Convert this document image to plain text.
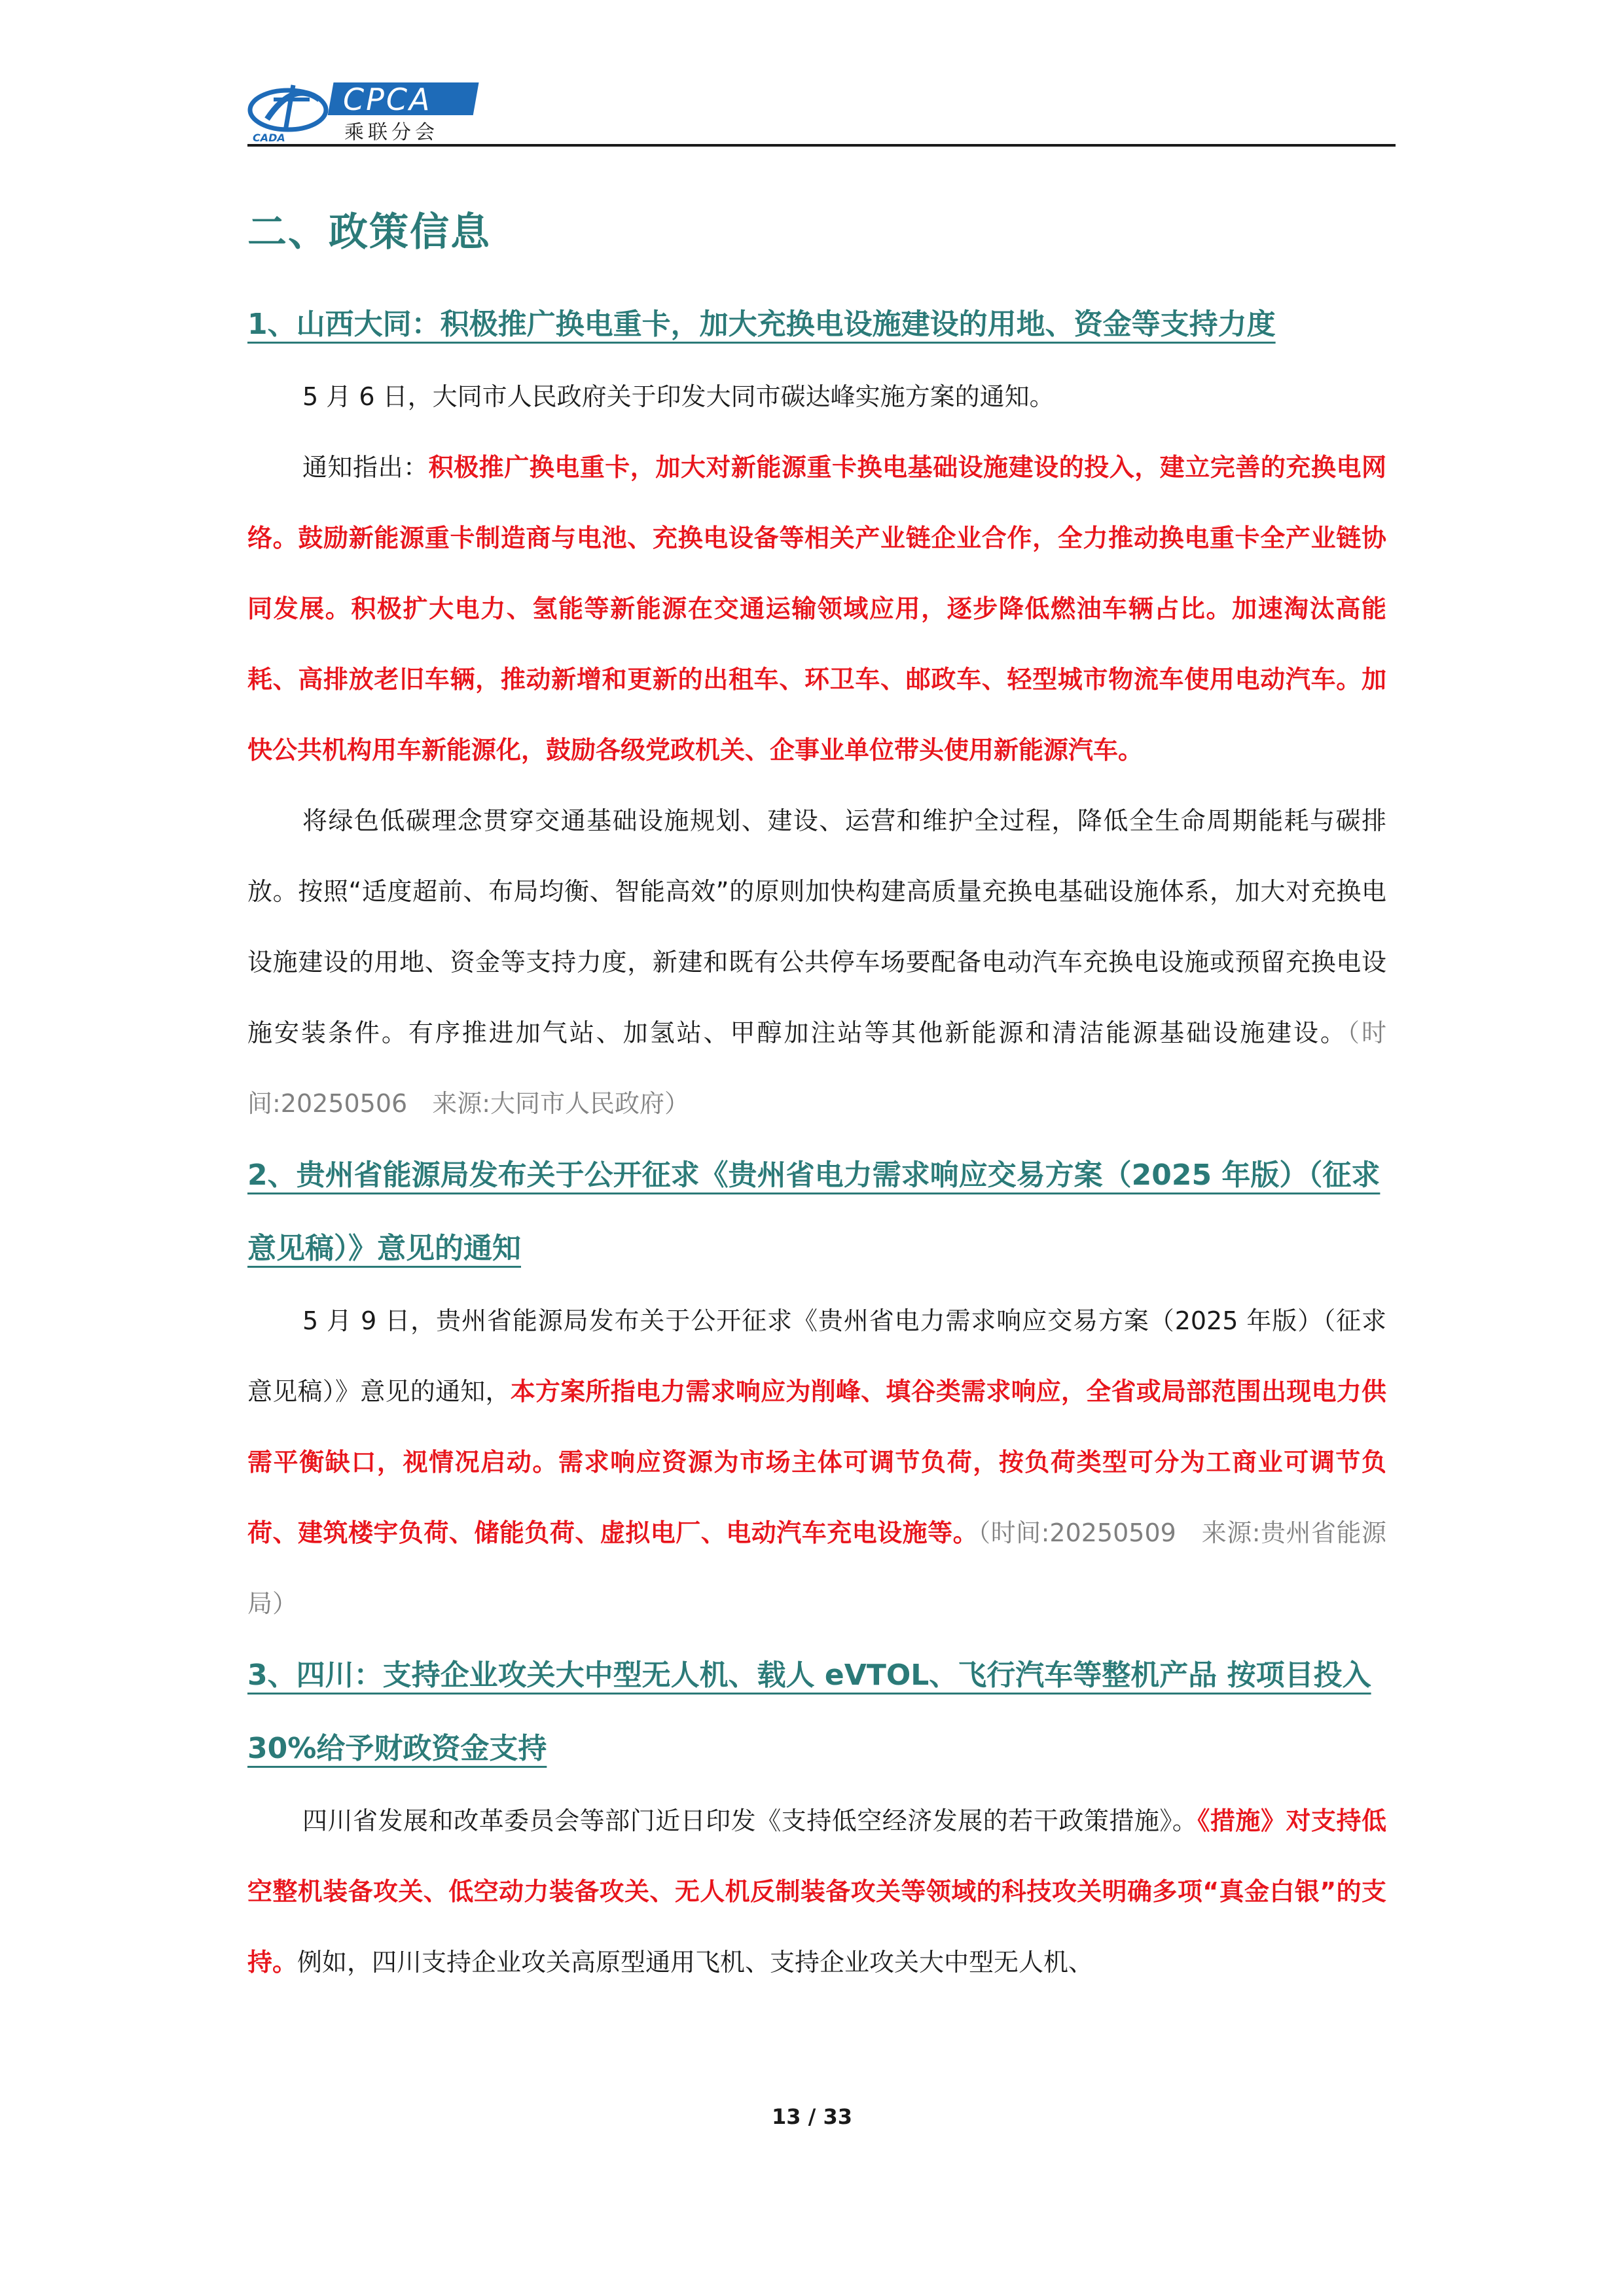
CADA
CPCA
乘联分会
二、政策信息
1、山西大同：积极推广换电重卡，加大充换电设施建设的用地、资金等支持力度

5 月 6 日，大同市人民政府关于印发大同市碳达峰实施方案的通知。

通知指出：积极推广换电重卡，加大对新能源重卡换电基础设施建设的投入，建立完善的充换电网络。鼓励新能源重卡制造商与电池、充换电设备等相关产业链企业合作，全力推动换电重卡全产业链协同发展。积极扩大电力、氢能等新能源在交通运输领域应用，逐步降低燃油车辆占比。加速淘汰高能耗、高排放老旧车辆，推动新增和更新的出租车、环卫车、邮政车、轻型城市物流车使用电动汽车。加快公共机构用车新能源化，鼓励各级党政机关、企事业单位带头使用新能源汽车。

将绿色低碳理念贯穿交通基础设施规划、建设、运营和维护全过程，降低全生命周期能耗与碳排放。按照“适度超前、布局均衡、智能高效”的原则加快构建高质量充换电基础设施体系，加大对充换电设施建设的用地、资金等支持力度，新建和既有公共停车场要配备电动汽车充换电设施或预留充换电设施安装条件。有序推进加气站、加氢站、甲醇加注站等其他新能源和清洁能源基础设施建设。（时间:20250506　来源:大同市人民政府）

2、贵州省能源局发布关于公开征求《贵州省电力需求响应交易方案（2025 年版）（征求意见稿）》意见的通知

5 月 9 日，贵州省能源局发布关于公开征求《贵州省电力需求响应交易方案（2025 年版）（征求意见稿）》意见的通知，本方案所指电力需求响应为削峰、填谷类需求响应，全省或局部范围出现电力供需平衡缺口，视情况启动。需求响应资源为市场主体可调节负荷，按负荷类型可分为工商业可调节负荷、建筑楼宇负荷、储能负荷、虚拟电厂、电动汽车充电设施等。（时间:20250509　来源:贵州省能源局）

3、四川：支持企业攻关大中型无人机、载人 eVTOL、飞行汽车等整机产品 按项目投入 30%给予财政资金支持

四川省发展和改革委员会等部门近日印发《支持低空经济发展的若干政策措施》。《措施》对支持低空整机装备攻关、低空动力装备攻关、无人机反制装备攻关等领域的科技攻关明确多项“真金白银”的支持。例如，四川支持企业攻关高原型通用飞机、支持企业攻关大中型无人机、

13 / 33
